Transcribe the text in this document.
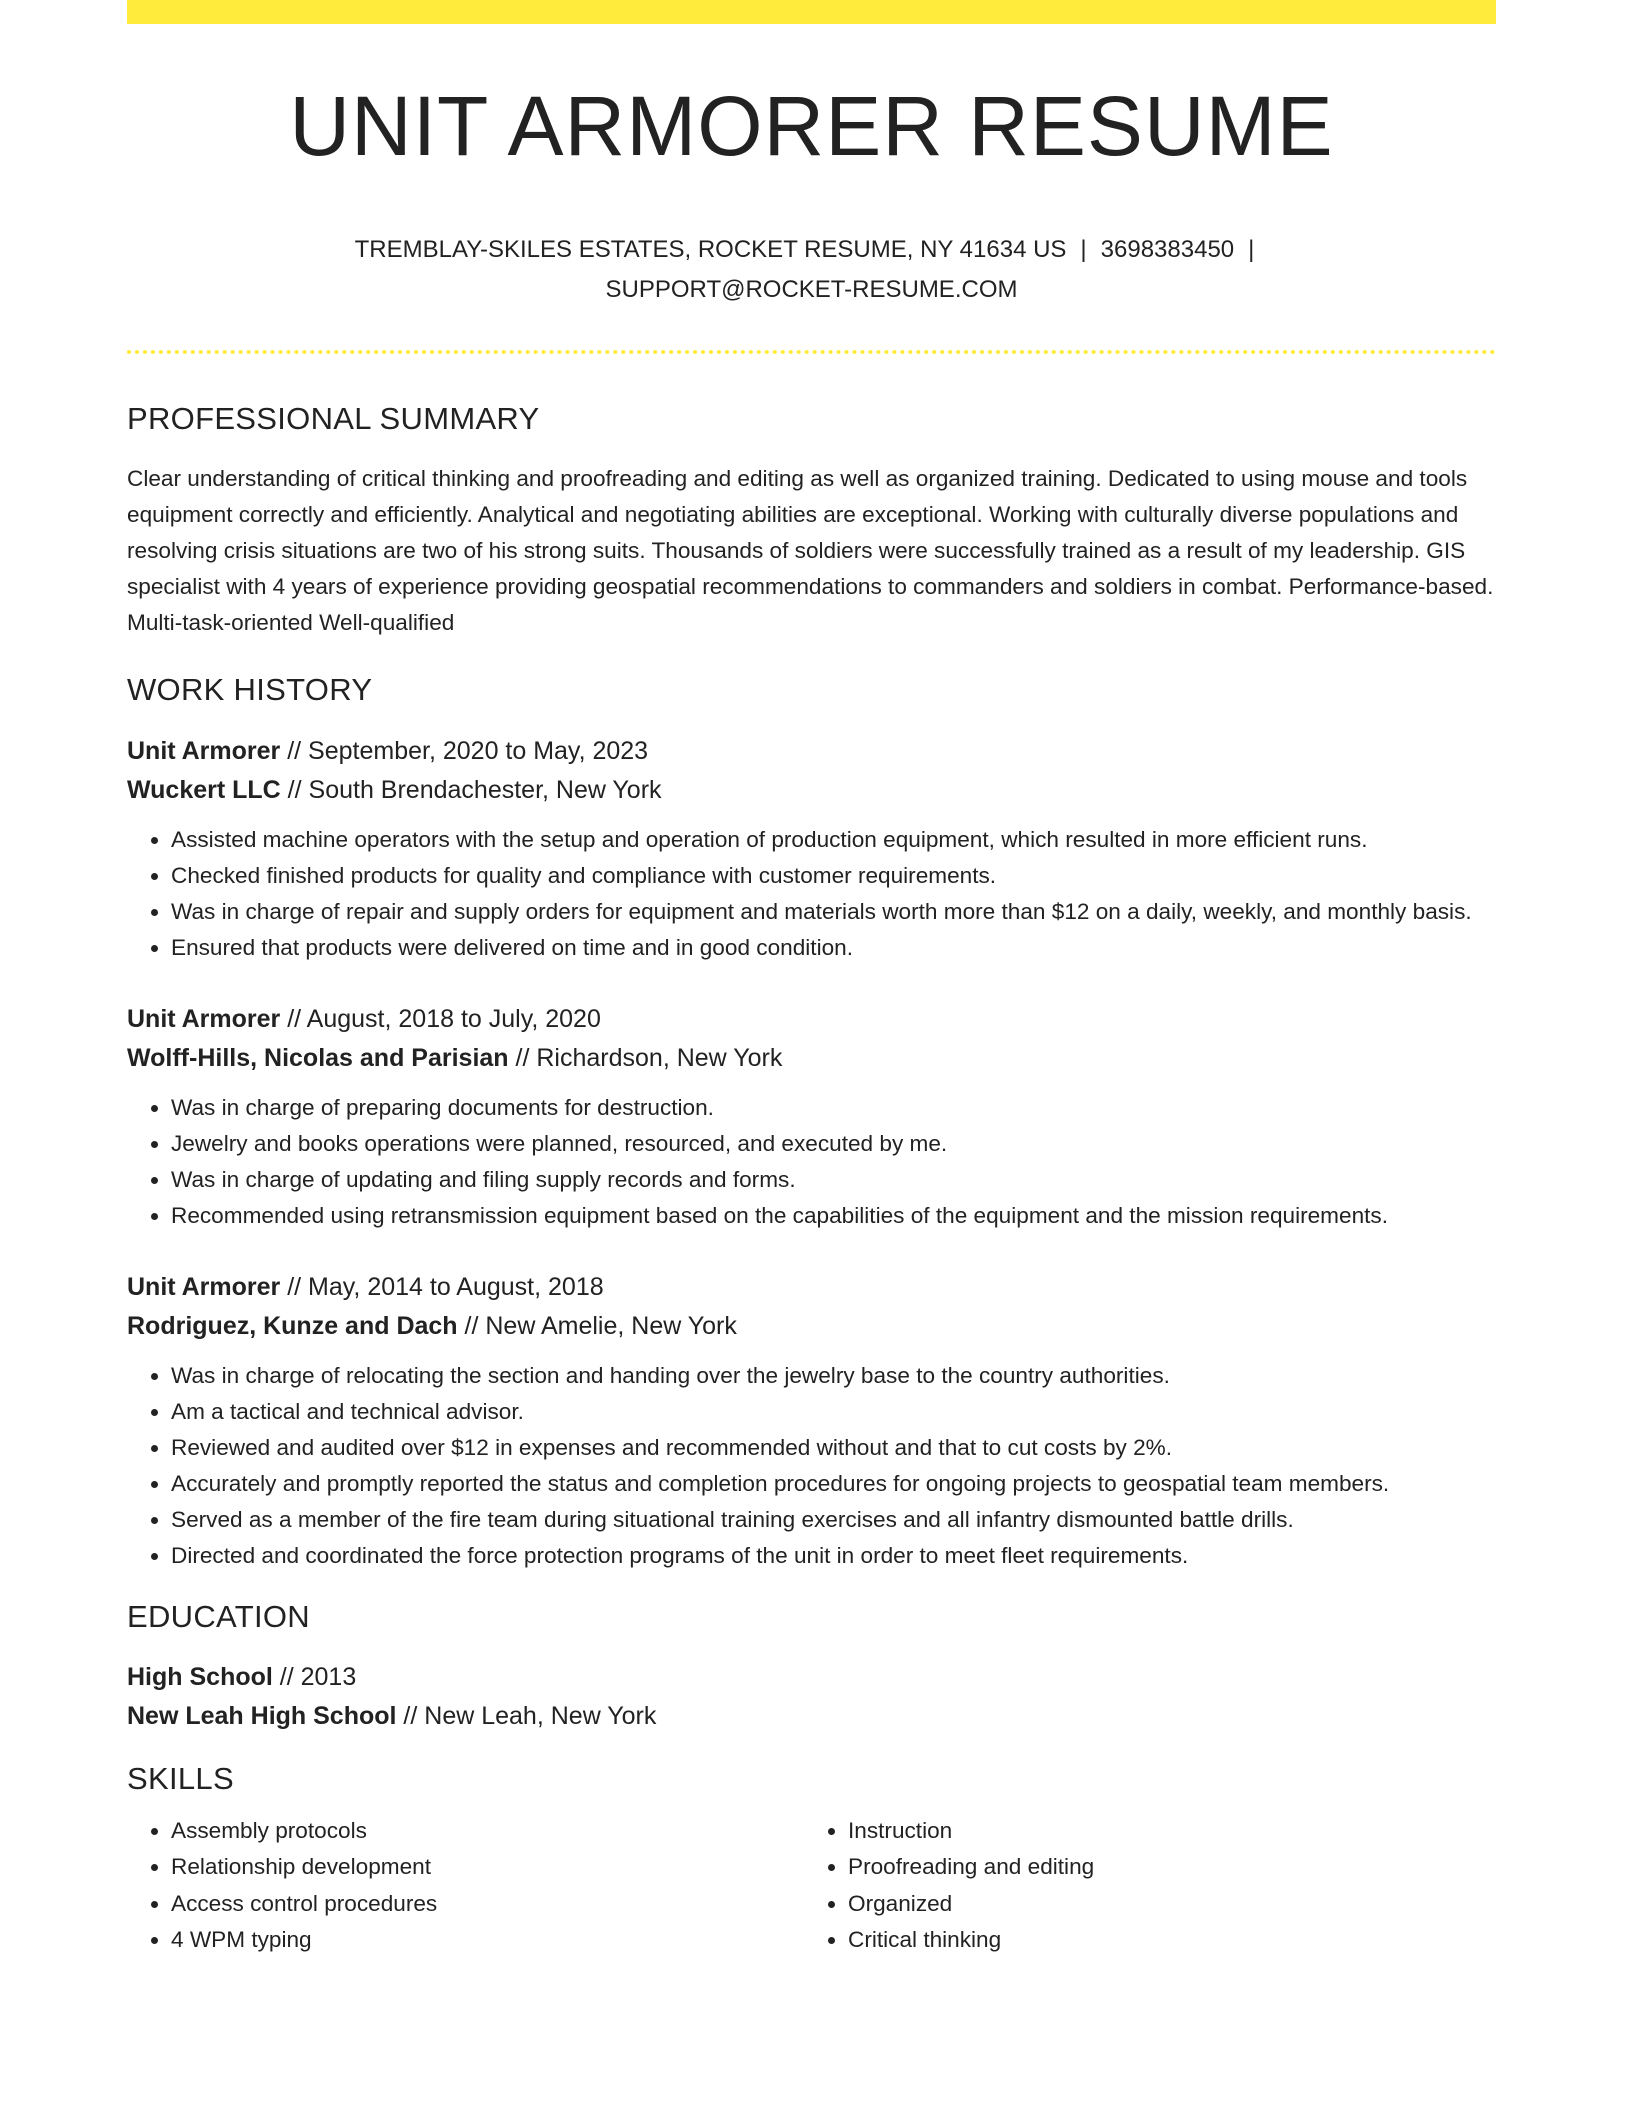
UNIT ARMORER RESUME
TREMBLAY-SKILES ESTATES, ROCKET RESUME, NY 41634 US | 3698383450 |
SUPPORT@ROCKET-RESUME.COM
PROFESSIONAL SUMMARY

Clear understanding of critical thinking and proofreading and editing as well as organized training. Dedicated to using mouse and tools equipment correctly and efficiently. Analytical and negotiating abilities are exceptional. Working with culturally diverse populations and resolving crisis situations are two of his strong suits. Thousands of soldiers were successfully trained as a result of my leadership. GIS specialist with 4 years of experience providing geospatial recommendations to commanders and soldiers in combat. Performance-based. Multi-task-oriented Well-qualified

WORK HISTORY
Unit Armorer // September, 2020 to May, 2023
Wuckert LLC // South Brendachester, New York
• Assisted machine operators with the setup and operation of production equipment, which resulted in more efficient runs.
• Checked finished products for quality and compliance with customer requirements.
• Was in charge of repair and supply orders for equipment and materials worth more than $12 on a daily, weekly, and monthly basis.
• Ensured that products were delivered on time and in good condition.
Unit Armorer // August, 2018 to July, 2020
Wolff-Hills, Nicolas and Parisian // Richardson, New York
• Was in charge of preparing documents for destruction.
• Jewelry and books operations were planned, resourced, and executed by me.
• Was in charge of updating and filing supply records and forms.
• Recommended using retransmission equipment based on the capabilities of the equipment and the mission requirements.
Unit Armorer // May, 2014 to August, 2018
Rodriguez, Kunze and Dach // New Amelie, New York
• Was in charge of relocating the section and handing over the jewelry base to the country authorities.
• Am a tactical and technical advisor.
• Reviewed and audited over $12 in expenses and recommended without and that to cut costs by 2%.
• Accurately and promptly reported the status and completion procedures for ongoing projects to geospatial team members.
• Served as a member of the fire team during situational training exercises and all infantry dismounted battle drills.
• Directed and coordinated the force protection programs of the unit in order to meet fleet requirements.
EDUCATION
High School // 2013
New Leah High School // New Leah, New York
SKILLS
• Assembly protocols
• Relationship development
• Access control procedures
• 4 WPM typing
• Instruction
• Proofreading and editing
• Organized
• Critical thinking
